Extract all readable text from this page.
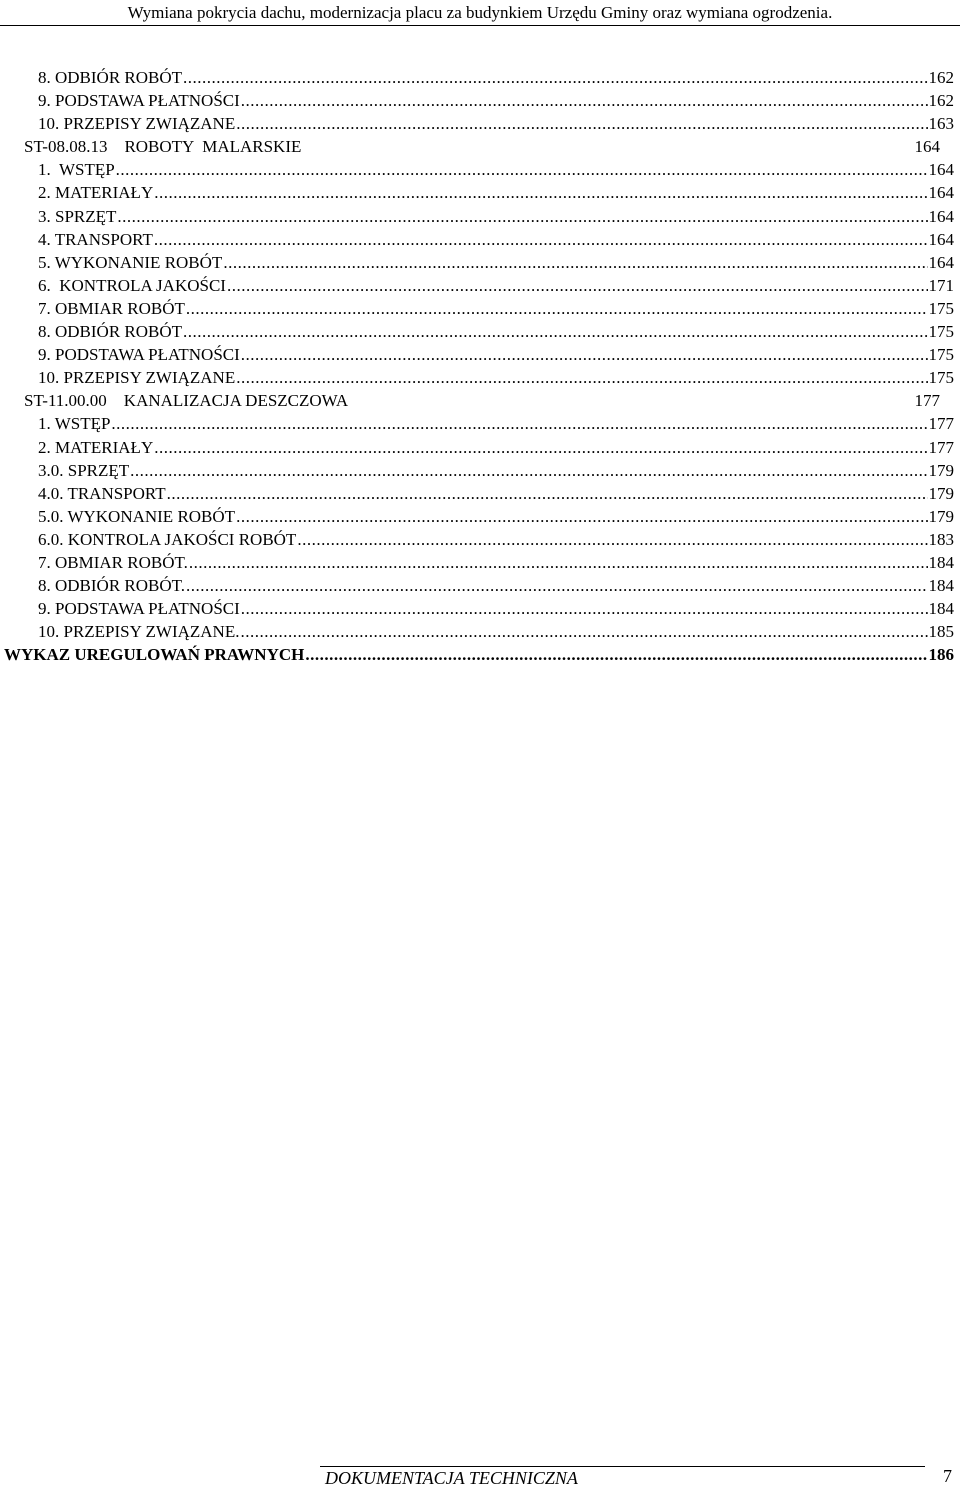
Wymiana pokrycia dachu, modernizacja placu za budynkiem Urzędu Gminy oraz wymiana ogrodzenia.
8. ODBIÓR ROBÓT .....	162
9. PODSTAWA PŁATNOŚCI .....	162
10. PRZEPISY ZWIĄZANE .....	163
ST-08.08.13    ROBOTY  MALARSKIE	164
1.  WSTĘP .....	164
2. MATERIAŁY .....	164
3. SPRZĘT .....	164
4. TRANSPORT .....	164
5. WYKONANIE ROBÓT .....	164
6.  KONTROLA JAKOŚCI .....	171
7. OBMIAR ROBÓT .....	175
8. ODBIÓR ROBÓT .....	175
9. PODSTAWA PŁATNOŚCI .....	175
10. PRZEPISY ZWIĄZANE .....	175
ST-11.00.00    KANALIZACJA DESZCZOWA	177
1. WSTĘP .....	177
2. MATERIAŁY .....	177
3.0. SPRZĘT .....	179
4.0. TRANSPORT .....	179
5.0. WYKONANIE ROBÓT .....	179
6.0. KONTROLA JAKOŚCI ROBÓT .....	183
7. OBMIAR ROBÓT. .....	184
8. ODBIÓR ROBÓT. .....	184
9. PODSTAWA PŁATNOŚCI .....	184
10. PRZEPISY ZWIĄZANE. .....	185
WYKAZ UREGULOWAŃ PRAWNYCH .....	186
DOKUMENTACJA TECHNICZNA	7
